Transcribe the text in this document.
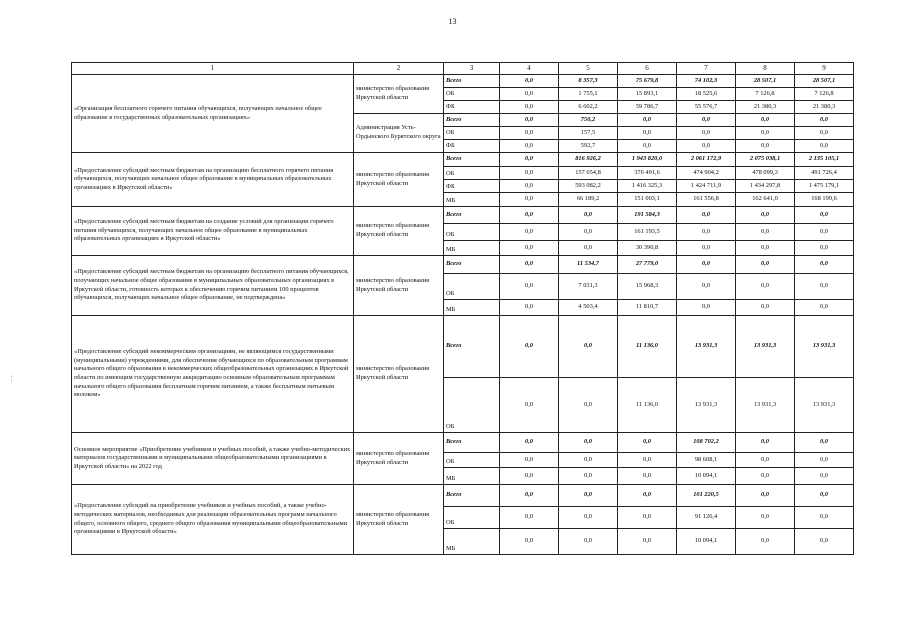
13
¦
1	2	3	4	5	6	7	8	9
«Организация бесплатного горячего питания обучающихся, получающих начальное общее образование в государственных образовательных организациях»	министерство образования Иркутской области	Всего	0,0	8 357,3	75 679,8	74 102,3	28 507,1	28 507,1
		ОБ	0,0	1 755,1	15 893,1	18 525,6	7 126,8	7 126,8
		ФБ	0,0	6 602,2	59 786,7	55 576,7	21 380,3	21 380,3
	Администрация Усть-Ордынского Бурятского округа	Всего	0,0	750,2	0,0	0,0	0,0	0,0
		ОБ	0,0	157,5	0,0	0,0	0,0	0,0
		ФБ	0,0	592,7	0,0	0,0	0,0	0,0
«Предоставление субсидий местным бюджетам на организацию бесплатного горячего питания обучающихся, получающих начальное общее образование в муниципальных образовательных организациях в Иркутской области»	министерство образования Иркутской области	Всего	0,0	816 926,2	1 943 820,0	2 061 172,9	2 075 038,1	2 135 105,1
		ОБ	0,0	157 654,8	376 491,6	474 904,2	478 099,3	491 726,4
		ФБ	0,0	593 082,2	1 416 325,3	1 424 711,9	1 434 297,8	1 475 179,1
		МБ	0,0	66 189,2	151 003,1	161 556,8	162 641,0	168 199,6
«Предоставление субсидий местным бюджетам на создание условий для организации горячего питания обучающихся, получающих начальное общее образование в муниципальных образовательных организациях в Иркутской области»	министерство образования Иркутской области	Всего	0,0	0,0	191 584,3	0,0	0,0	0,0
		ОБ	0,0	0,0	161 193,5	0,0	0,0	0,0
		МБ	0,0	0,0	30 390,8	0,0	0,0	0,0
«Предоставление субсидий местным бюджетам на организацию бесплатного питания обучающихся, получающих начальное общее образование в муниципальных образовательных организациях в Иркутской области, готовность которых к обеспечению горячим питанием 100 процентов обучающихся, получающих начальное общее образование, не подтверждена»	министерство образования Иркутской области	Всего	0,0	11 534,7	27 779,0	0,0	0,0	0,0
		ОБ	0,0	7 031,3	15 968,3	0,0	0,0	0,0
		МБ	0,0	4 503,4	11 810,7	0,0	0,0	0,0
«Предоставление субсидий некоммерческим организациям, не являющимся государственными (муниципальными) учреждениями, для обеспечения обучающихся по образовательным программам начального общего образования в некоммерческих общеобразовательных организациях в Иркутской области по имеющим государственную аккредитацию основным образовательным программам начального общего образования бесплатным горячим питанием, а также бесплатным питьевым молоком»	министерство образования Иркутской области	Всего	0,0	0,0	11 136,0	13 931,3	13 931,3	13 931,3
		ОБ	0,0	0,0	11 136,0	13 931,3	13 931,3	13 931,3
Основное мероприятие «Приобретение учебников и учебных пособий, а также учебно-методических материалов государственными и муниципальными общеобразовательными организациями в Иркутской области» на 2022 год	министерство образования Иркутской области	Всего	0,0	0,0	0,0	108 702,2	0,0	0,0
		ОБ	0,0	0,0	0,0	98 608,1	0,0	0,0
		МБ	0,0	0,0	0,0	10 094,1	0,0	0,0
«Предоставление субсидий на приобретение учебников и учебных пособий, а также учебно-методических материалов, необходимых для реализации образовательных программ начального общего, основного общего, среднего общего образования муниципальными общеобразовательными организациями в Иркутской области»	министерство образования Иркутской области	Всего	0,0	0,0	0,0	101 220,5	0,0	0,0
		ОБ	0,0	0,0	0,0	91 126,4	0,0	0,0
		МБ	0,0	0,0	0,0	10 094,1	0,0	0,0
